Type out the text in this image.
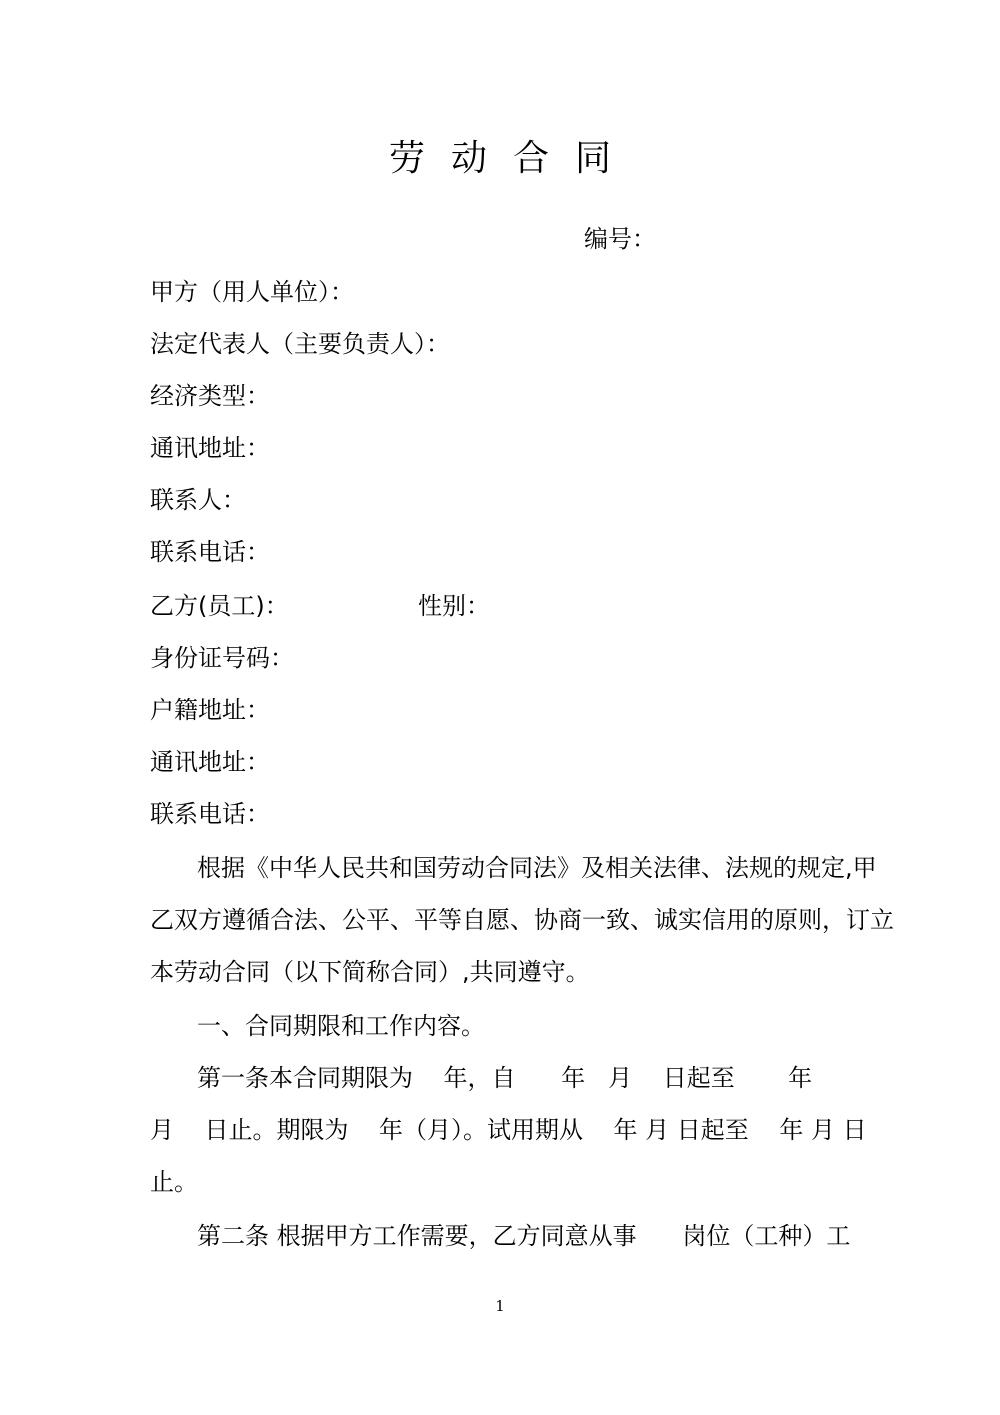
劳动合同
编号：
甲方（用人单位）：
法定代表人（主要负责人）：
经济类型：
通讯地址：
联系人：
联系电话：
乙方(员工)：	性别：
身份证号码：
户籍地址：
通讯地址：
联系电话：
根据《中华人民共和国劳动合同法》及相关法律、法规的规定,甲
乙双方遵循合法、公平、平等自愿、协商一致、诚实信用的原则，订立
本劳动合同（以下简称合同）,共同遵守。
一、合同期限和工作内容。
第一条本合同期限为    年，自      年   月    日起至       年
月    日止。期限为    年（月）。试用期从    年 月 日起至    年 月 日
止。
第二条 根据甲方工作需要，乙方同意从事      岗位（工种）工
1
